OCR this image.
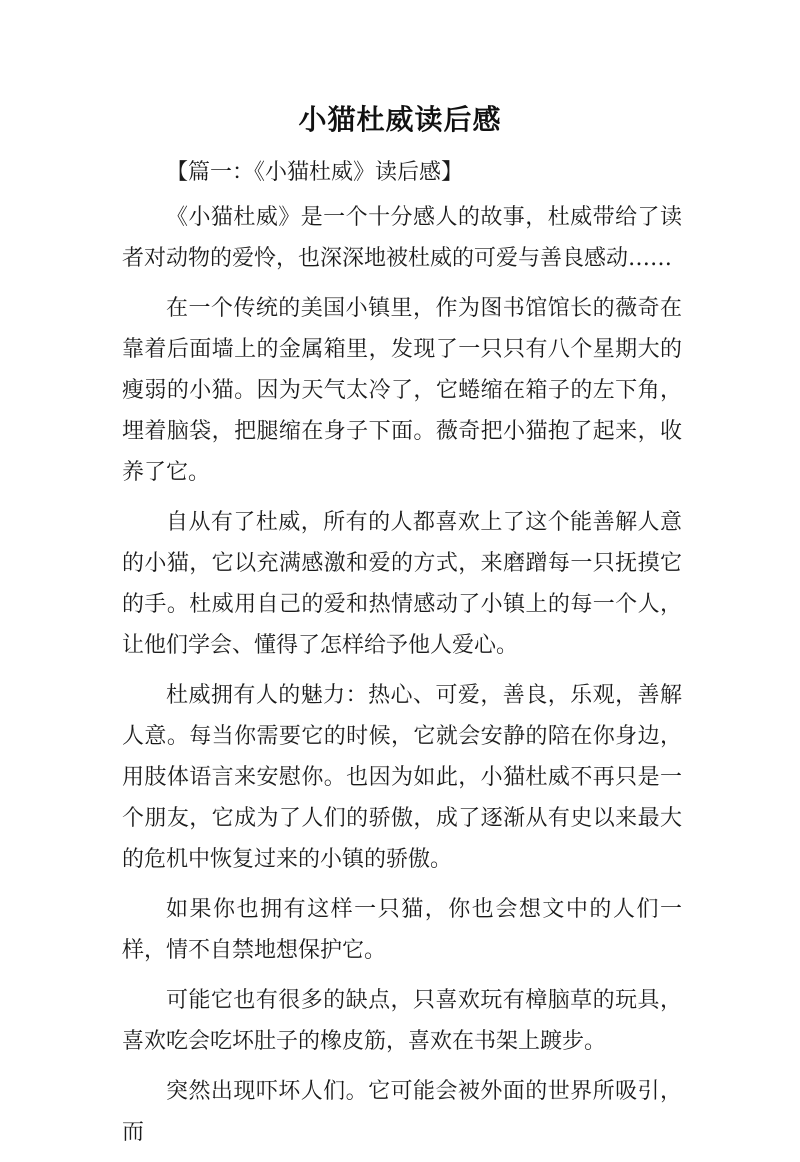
小猫杜威读后感

【篇一：《小猫杜威》读后感】

《小猫杜威》是一个十分感人的故事，杜威带给了读者对动物的爱怜，也深深地被杜威的可爱与善良感动……

在一个传统的美国小镇里，作为图书馆馆长的薇奇在靠着后面墙上的金属箱里，发现了一只只有八个星期大的瘦弱的小猫。因为天气太冷了，它蜷缩在箱子的左下角，埋着脑袋，把腿缩在身子下面。薇奇把小猫抱了起来，收养了它。

自从有了杜威，所有的人都喜欢上了这个能善解人意的小猫，它以充满感激和爱的方式，来磨蹭每一只抚摸它的手。杜威用自己的爱和热情感动了小镇上的每一个人，让他们学会、懂得了怎样给予他人爱心。

杜威拥有人的魅力：热心、可爱，善良，乐观，善解人意。每当你需要它的时候，它就会安静的陪在你身边，用肢体语言来安慰你。也因为如此，小猫杜威不再只是一个朋友，它成为了人们的骄傲，成了逐渐从有史以来最大的危机中恢复过来的小镇的骄傲。

如果你也拥有这样一只猫，你也会想文中的人们一样，情不自禁地想保护它。

可能它也有很多的缺点，只喜欢玩有樟脑草的玩具，喜欢吃会吃坏肚子的橡皮筋，喜欢在书架上踱步。

突然出现吓坏人们。它可能会被外面的世界所吸引，而
